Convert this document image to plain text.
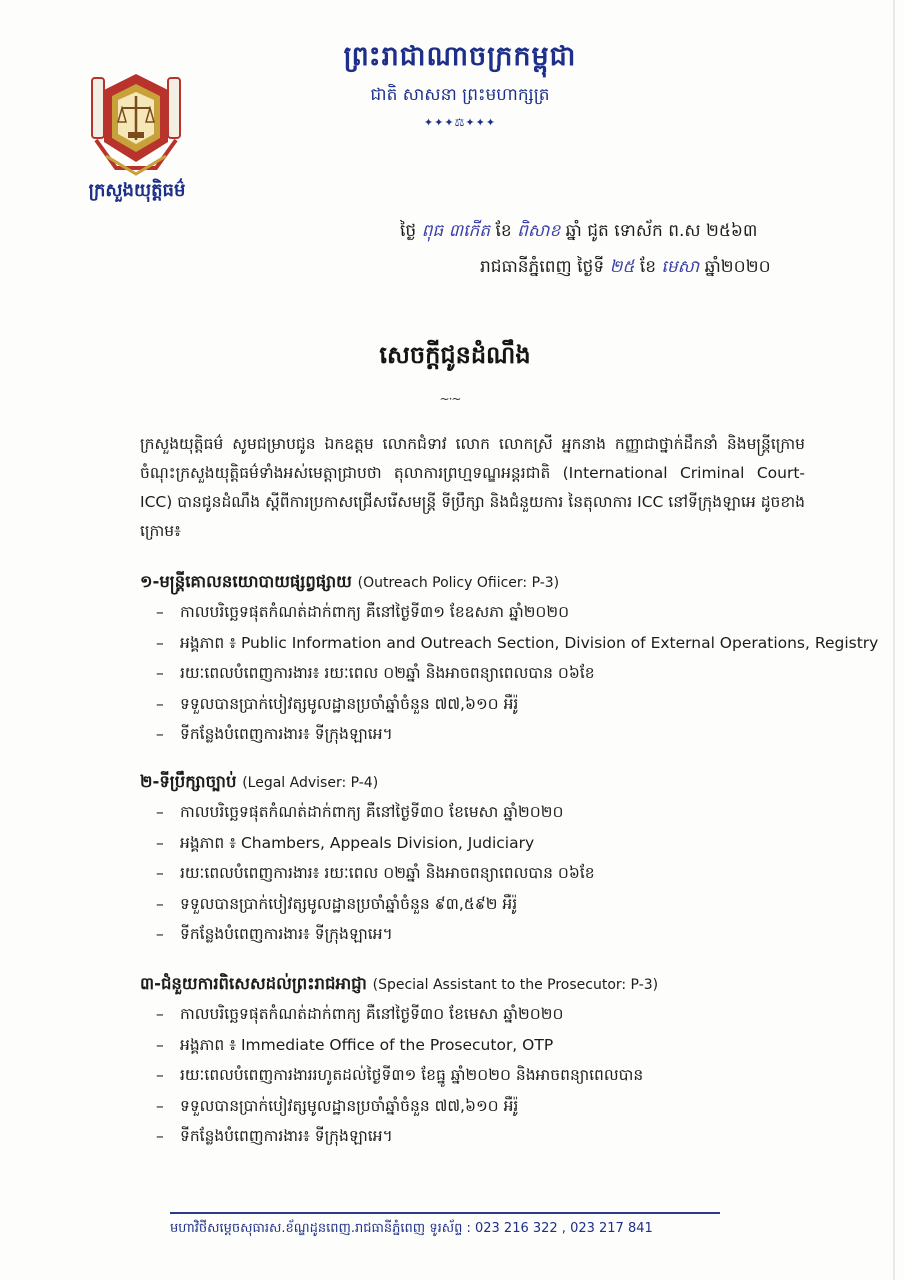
ក្រសួងយុត្តិធម៌
ព្រះរាជាណាចក្រកម្ពុជា
ជាតិ សាសនា ព្រះមហាក្សត្រ
✦✦✦⚖✦✦✦
ថ្ងៃ ពុធ ៣កើត ខែ ពិសាខ ឆ្នាំ ជូត ទោស័ក ព.ស ២៥៦៣
រាជធានីភ្នំពេញ ថ្ងៃទី ២៥ ខែ មេសា ឆ្នាំ២០២០
សេចក្តីជូនដំណឹង
~·~
ក្រសួងយុត្តិធម៌ សូមជម្រាបជូន ឯកឧត្តម លោកជំទាវ លោក លោកស្រី អ្នកនាង កញ្ញាជាថ្នាក់ដឹកនាំ និងមន្ត្រីក្រោមចំណុះក្រសួងយុត្តិធម៌ទាំងអស់មេត្តាជ្រាបថា តុលាការព្រហ្មទណ្ឌអន្តរជាតិ (International Criminal Court-ICC) បានជូនដំណឹង ស្តីពីការប្រកាសជ្រើសរើសមន្ត្រី ទីប្រឹក្សា និងជំនួយការ នៃតុលាការ ICC នៅទីក្រុងឡាអេ ដូចខាងក្រោម៖
១-មន្ត្រីគោលនយោបាយផ្សព្វផ្សាយ (Outreach Policy Ofiicer: P-3)
– កាលបរិច្ឆេទផុតកំណត់ដាក់ពាក្យ គឺនៅថ្ងៃទី៣១ ខែឧសភា ឆ្នាំ២០២០
– អង្គភាព ៖ Public Information and Outreach Section, Division of External Operations, Registry
– រយៈពេលបំពេញការងារ៖ រយៈពេល ០២ឆ្នាំ និងអាចពន្យាពេលបាន ០៦ខែ
– ទទួលបានប្រាក់បៀវត្សមូលដ្ឋានប្រចាំឆ្នាំចំនួន ៧៧,៦១០ អឺរ៉ូ
– ទីកន្លែងបំពេញការងារ៖ ទីក្រុងឡាអេ។
២-ទីប្រឹក្សាច្បាប់ (Legal Adviser: P-4)
– កាលបរិច្ឆេទផុតកំណត់ដាក់ពាក្យ គឺនៅថ្ងៃទី៣០ ខែមេសា ឆ្នាំ២០២០
– អង្គភាព ៖ Chambers, Appeals Division, Judiciary
– រយៈពេលបំពេញការងារ៖ រយៈពេល ០២ឆ្នាំ និងអាចពន្យាពេលបាន ០៦ខែ
– ទទួលបានប្រាក់បៀវត្សមូលដ្ឋានប្រចាំឆ្នាំចំនួន ៩៣,៥៩២ អឺរ៉ូ
– ទីកន្លែងបំពេញការងារ៖ ទីក្រុងឡាអេ។
៣-ជំនួយការពិសេសដល់ព្រះរាជអាជ្ញា (Special Assistant to the Prosecutor: P-3)
– កាលបរិច្ឆេទផុតកំណត់ដាក់ពាក្យ គឺនៅថ្ងៃទី៣០ ខែមេសា ឆ្នាំ២០២០
– អង្គភាព ៖ Immediate Office of the Prosecutor, OTP
– រយៈពេលបំពេញការងាររហូតដល់ថ្ងៃទី៣១ ខែធ្នូ ឆ្នាំ២០២០ និងអាចពន្យាពេលបាន
– ទទួលបានប្រាក់បៀវត្សមូលដ្ឋានប្រចាំឆ្នាំចំនួន ៧៧,៦១០ អឺរ៉ូ
– ទីកន្លែងបំពេញការងារ៖ ទីក្រុងឡាអេ។
មហាវិថីសម្តេចសុធារស.ខ័ណ្ឌដូនពេញ.រាជធានីភ្នំពេញ ទូរស័ព្ទ : 023 216 322 , 023 217 841
